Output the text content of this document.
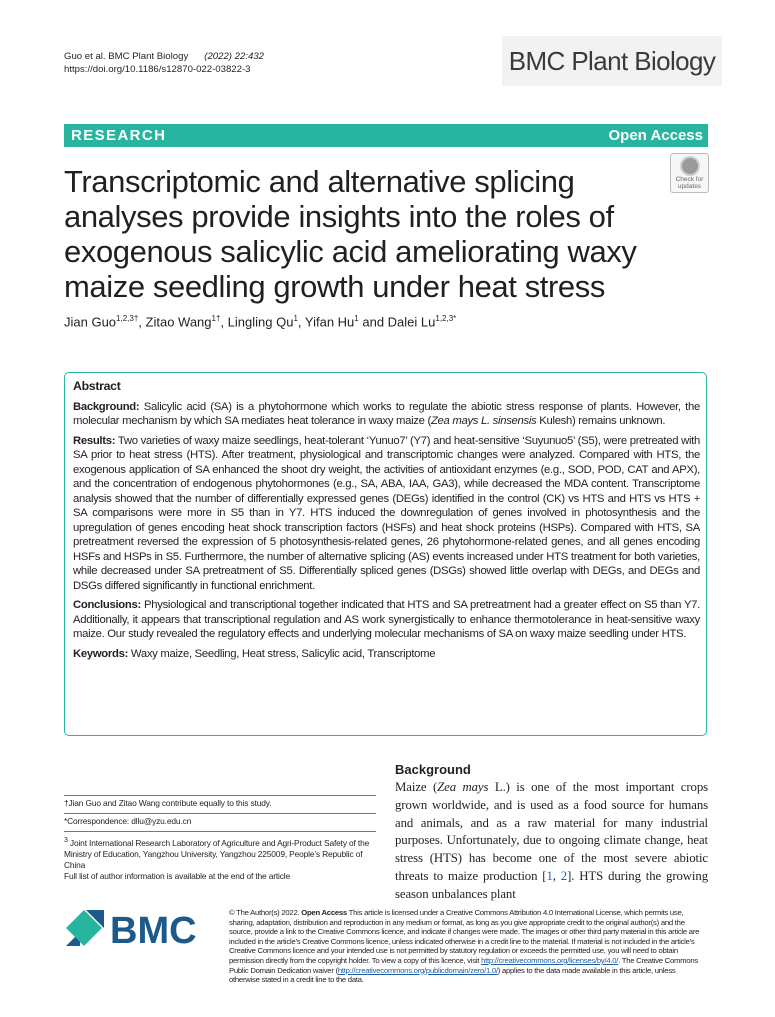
Guo et al. BMC Plant Biology (2022) 22:432
https://doi.org/10.1186/s12870-022-03822-3	BMC Plant Biology
RESEARCH	Open Access
Check for
updates
Transcriptomic and alternative splicing analyses provide insights into the roles of exogenous salicylic acid ameliorating waxy maize seedling growth under heat stress
Jian Guo$^{1,2,3\dagger}$, Zitao Wang$^{1\dagger}$, Lingling Qu$^1$, Yifan Hu$^1$ and Dalei $Lu^{1,2,3*}$
Abstract

Background: Salicylic acid (SA) is a phytohormone which works to regulate the abiotic stress response of plants. However, the molecular mechanism by which SA mediates heat tolerance in waxy maize (Zea mays L. sinsensis Kulesh) remains unknown.

Results: Two varieties of waxy maize seedlings, heat-tolerant ‘Yunuo7’ (Y7) and heat-sensitive ‘Suyunuo5’ (S5), were pretreated with SA prior to heat stress (HTS). After treatment, physiological and transcriptomic changes were analyzed. Compared with HTS, the exogenous application of SA enhanced the shoot dry weight, the activities of antioxidant enzymes (e.g., SOD, POD, CAT and APX), and the concentration of endogenous phytohormones (e.g., SA, ABA, IAA, GA3), while decreased the MDA content. Transcriptome analysis showed that the number of differentially expressed genes (DEGs) identified in the control (CK) vs HTS and HTS vs HTS + SA comparisons were more in S5 than in Y7. HTS induced the downregulation of genes involved in photosynthesis and the upregulation of genes encoding heat shock transcription factors (HSFs) and heat shock proteins (HSPs). Compared with HTS, SA pretreatment reversed the expression of 5 photosynthesis-related genes, 26 phytohormone-related genes, and all genes encoding HSFs and HSPs in S5. Furthermore, the number of alternative splicing (AS) events increased under HTS treatment for both varieties, while decreased under SA pretreatment of S5. Differentially spliced genes (DSGs) showed little overlap with DEGs, and DEGs and DSGs differed significantly in functional enrichment.

Conclusions: Physiological and transcriptional together indicated that HTS and SA pretreatment had a greater effect on S5 than Y7. Additionally, it appears that transcriptional regulation and AS work synergistically to enhance thermotolerance in heat-sensitive waxy maize. Our study revealed the regulatory effects and underlying molecular mechanisms of SA on waxy maize seedling under HTS.

Keywords: Waxy maize, Seedling, Heat stress, Salicylic acid, Transcriptome

Background
Maize (Zea mays L.) is one of the most important crops grown worldwide, and is used as a food source for humans and animals, and as a raw material for many industrial purposes. Unfortunately, due to ongoing climate change, heat stress (HTS) has become one of the most severe abiotic threats to maize production [1, 2]. HTS during the growing season unbalances plant
†Jian Guo and Zitao Wang contribute equally to this study.
*Correspondence: dllu@yzu.edu.cn
$^3$ Joint International Research Laboratory of Agriculture and Agri-Product Safety of the Ministry of Education, Yangzhou University, Yangzhou 225009, People’s Republic of China
Full list of author information is available at the end of the article
BMC	© The Author(s) 2022. Open Access This article is licensed under a Creative Commons Attribution 4.0 International License, which permits use, sharing, adaptation, distribution and reproduction in any medium or format, as long as you give appropriate credit to the original author(s) and the source, provide a link to the Creative Commons licence, and indicate if changes were made. The images or other third party material in this article are included in the article’s Creative Commons licence, unless indicated otherwise in a credit line to the material. If material is not included in the article’s Creative Commons licence and your intended use is not permitted by statutory regulation or exceeds the permitted use, you will need to obtain permission directly from the copyright holder. To view a copy of this licence, visit http://creativecommons.org/licenses/by/4.0/. The Creative Commons Public Domain Dedication waiver (http://creativecommons.org/publicdomain/zero/1.0/) applies to the data made available in this article, unless otherwise stated in a credit line to the data.
